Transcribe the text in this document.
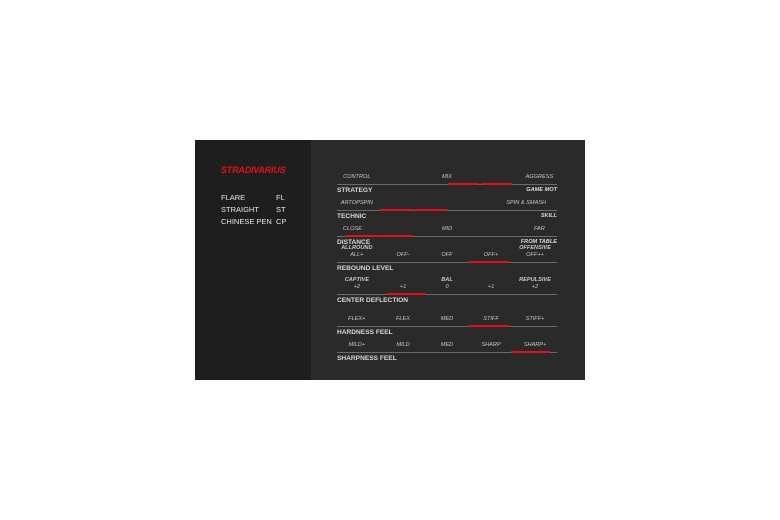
STRADIVARIUS
FLARE	FL
STRAIGHT	ST
CHINESE PEN CP
CONTROL	MIX	AGGRESS
STRATEGY	GAME MOT
ARTOPSPIN	SPIN & SMASH
TECHNIC	SKILL
CLOSE	MID	FAR
DISTANCE	FROM TABLE
ALLROUND	OFFENSIVE
ALL+	OFF-	OFF	OFF+	OFF++
REBOUND LEVEL
CAPTIVE	BAL	REPULSIVE
+2	+1	0	+1	+2
CENTER DEFLECTION
FLEX+	FLEX	MED	STIFF	STIFF+
HARDNESS FEEL
MILD+	MILD	MED	SHARP	SHARP+
SHARPNESS FEEL
